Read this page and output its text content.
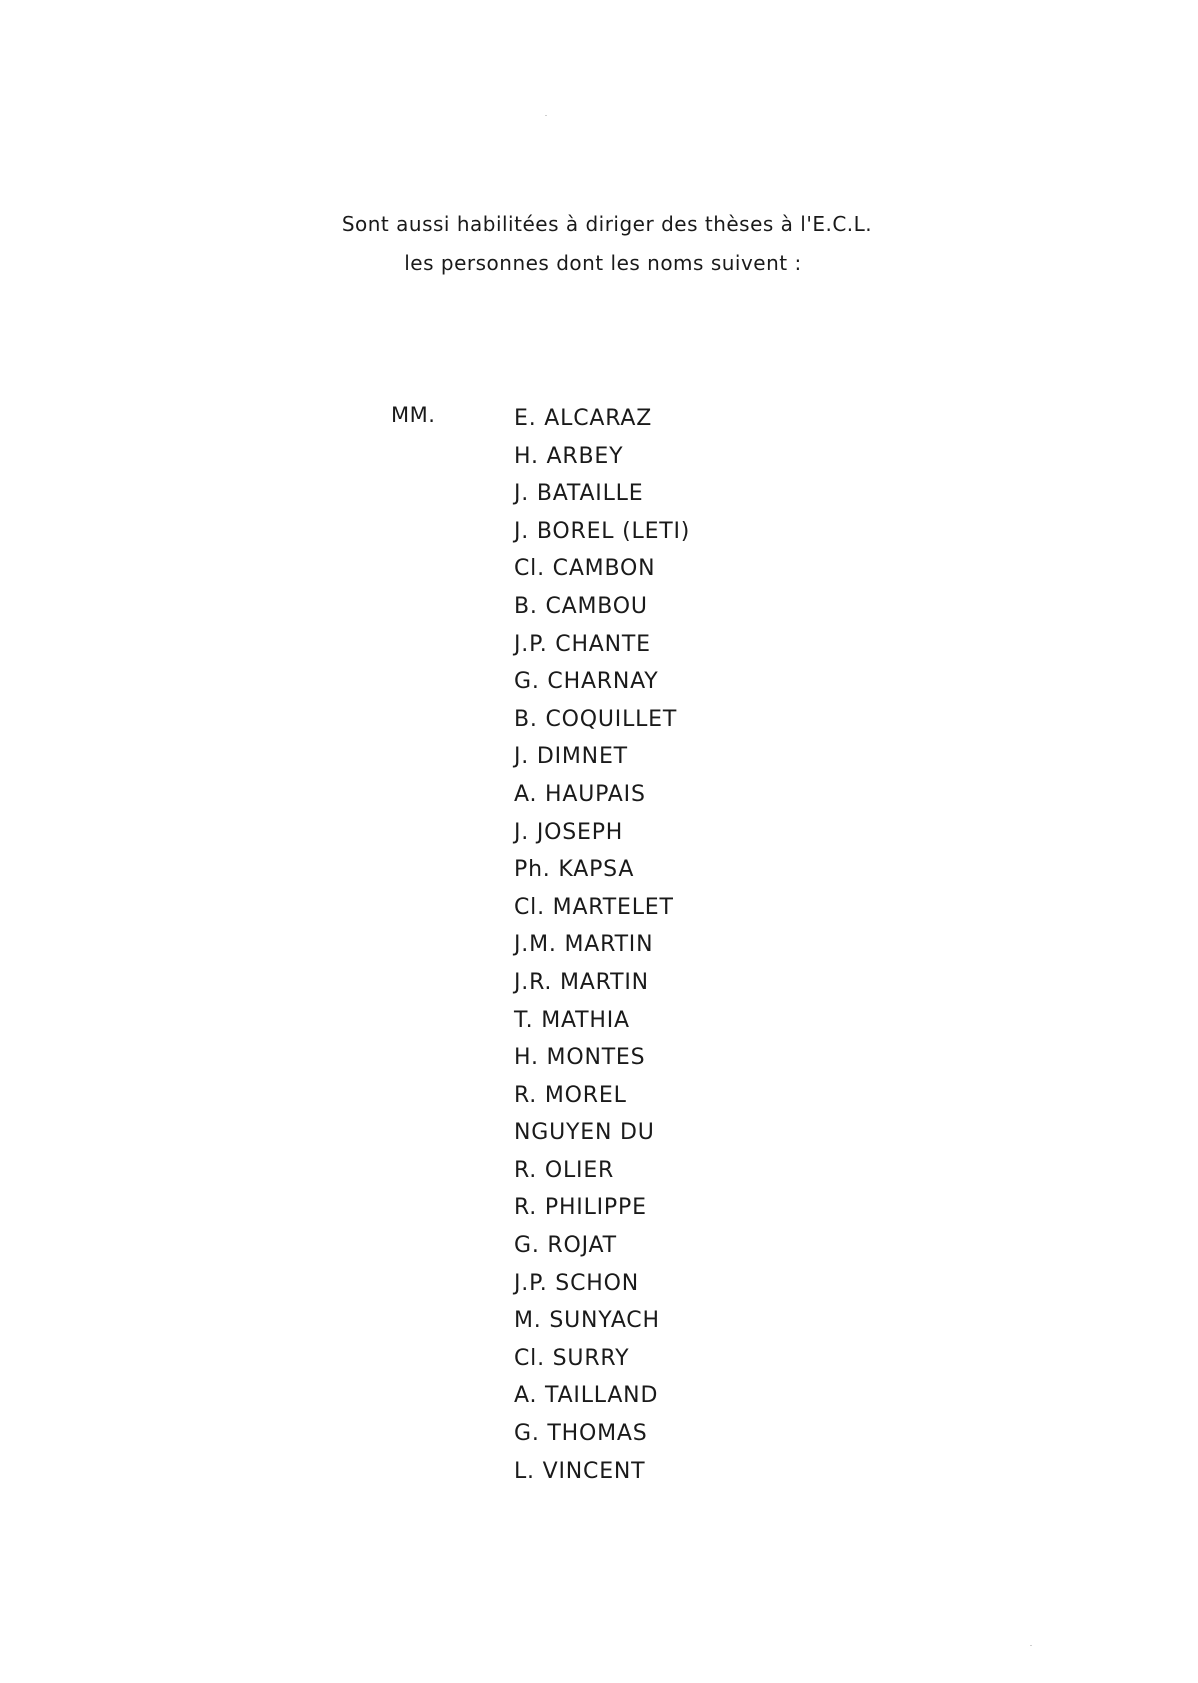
Sont aussi habilitées à diriger des thèses à l'E.C.L.
les personnes dont les noms suivent :
MM.	E. ALCARAZ
H. ARBEY
J. BATAILLE
J. BOREL (LETI)
Cl. CAMBON
B. CAMBOU
J.P. CHANTE
G. CHARNAY
B. COQUILLET
J. DIMNET
A. HAUPAIS
J. JOSEPH
Ph. KAPSA
Cl. MARTELET
J.M. MARTIN
J.R. MARTIN
T. MATHIA
H. MONTES
R. MOREL
NGUYEN DU
R. OLIER
R. PHILIPPE
G. ROJAT
J.P. SCHON
M. SUNYACH
Cl. SURRY
A. TAILLAND
G. THOMAS
L. VINCENT
